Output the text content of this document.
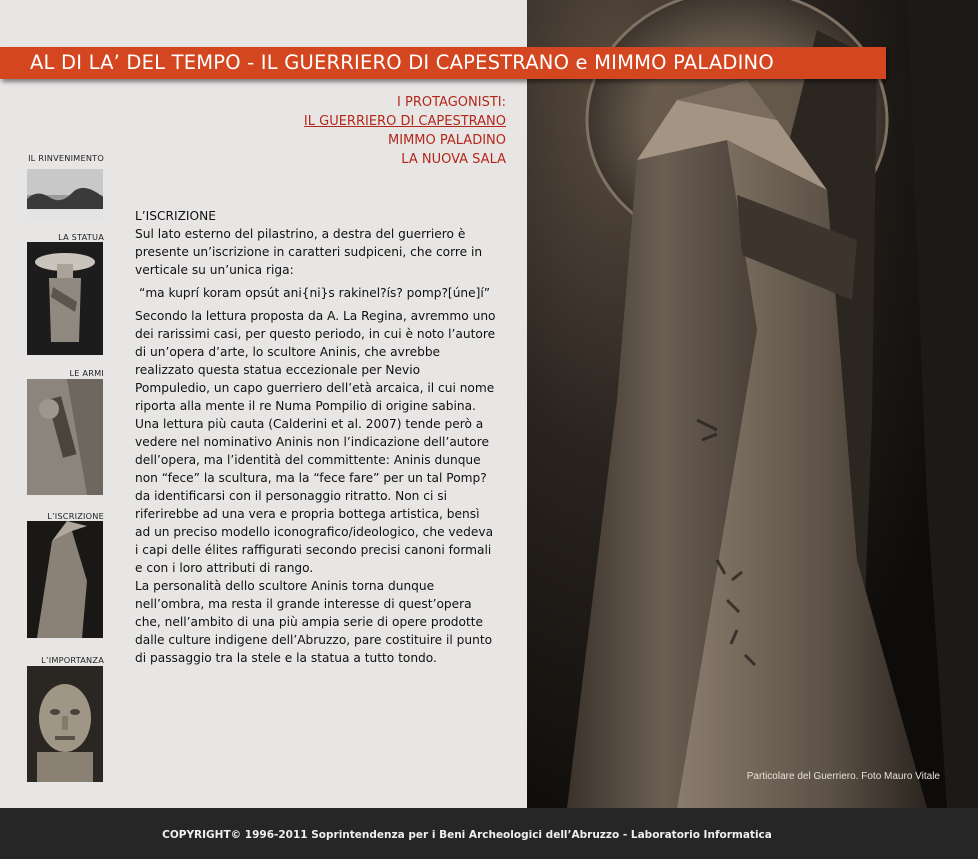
Particolare del Guerriero. Foto Mauro Vitale
AL DI LA’ DEL TEMPO - IL GUERRIERO DI CAPESTRANO e MIMMO PALADINO
I PROTAGONISTI:
IL GUERRIERO DI CAPESTRANO
MIMMO PALADINO
LA NUOVA SALA
IL RINVENIMENTO
LA STATUA
LE ARMI
L’ISCRIZIONE
L’IMPORTANZA

L’ISCRIZIONE

Sul lato esterno del pilastrino, a destra del guerriero è presente un’iscrizione in caratteri sudpiceni, che corre in verticale su un’unica riga:

“ma kuprí koram opsút ani{ni}s rakinel?ís? pomp?[úne]í”

Secondo la lettura proposta da A. La Regina, avremmo uno dei rarissimi casi, per questo periodo, in cui è noto l’autore di un’opera d’arte, lo scultore Aninis, che avrebbe realizzato questa statua eccezionale per Nevio Pompuledio, un capo guerriero dell’età arcaica, il cui nome riporta alla mente il re Numa Pompilio di origine sabina.

Una lettura più cauta (Calderini et al. 2007) tende però a vedere nel nominativo Aninis non l’indicazione dell’autore dell’opera, ma l’identità del committente: Aninis dunque non “fece” la scultura, ma la “fece fare” per un tal Pomp? da identificarsi con il personaggio ritratto. Non ci si riferirebbe ad una vera e propria bottega artistica, bensì ad un preciso modello iconografico/ideologico, che vedeva i capi delle élites raffigurati secondo precisi canoni formali e con i loro attributi di rango.

La personalità dello scultore Aninis torna dunque nell’ombra, ma resta il grande interesse di quest’opera che, nell’ambito di una più ampia serie di opere prodotte dalle culture indigene dell’Abruzzo, pare costituire il punto di passaggio tra la stele e la statua a tutto tondo.

COPYRIGHT© 1996-2011 Soprintendenza per i Beni Archeologici dell’Abruzzo - Laboratorio Informatica
